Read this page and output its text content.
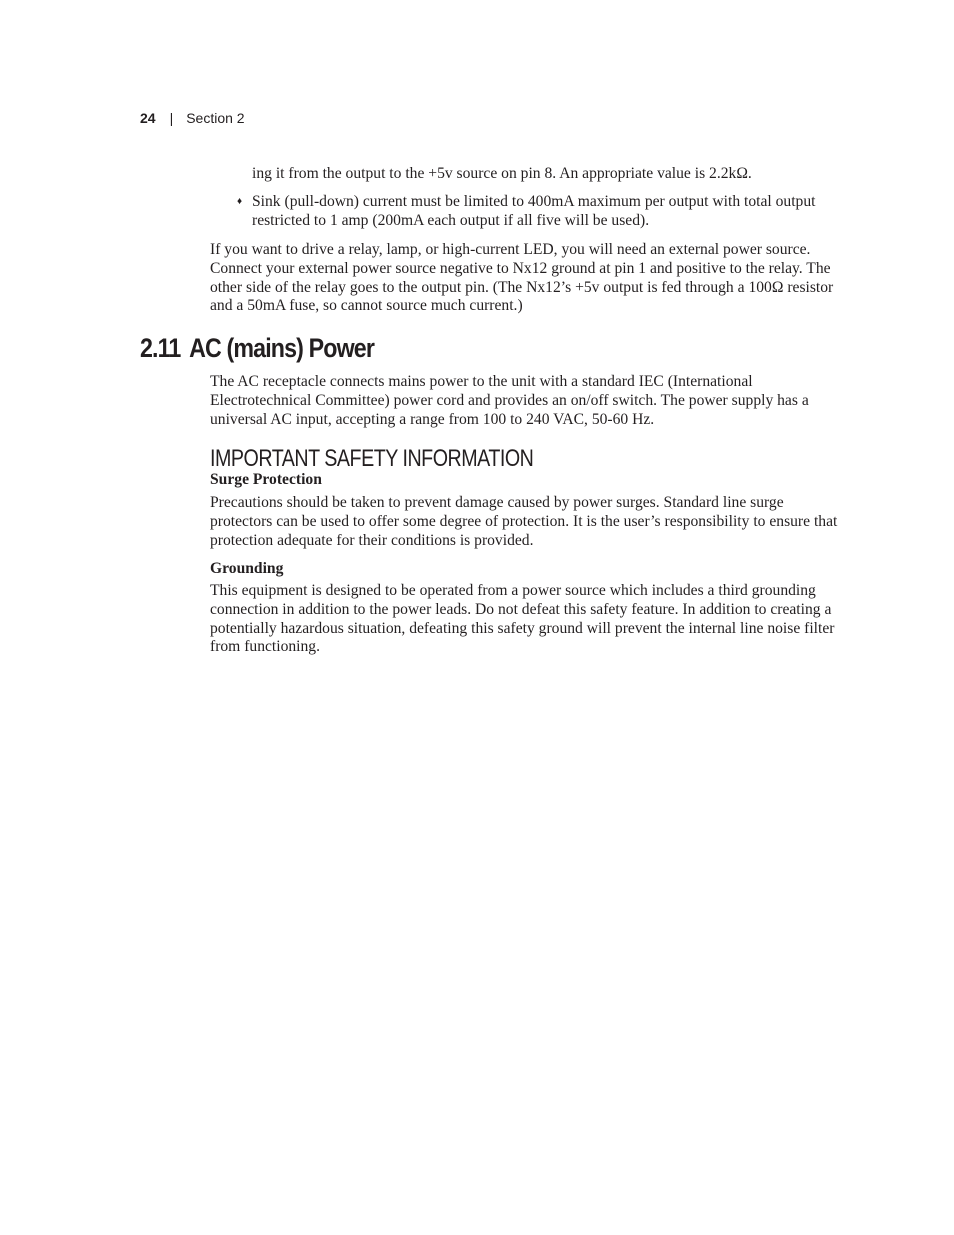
24 | Section 2

ing it from the output to the +5v source on pin 8. An appropriate value is 2.2kΩ.

♦ Sink (pull-down) current must be limited to 400mA maximum per output with total output restricted to 1 amp (200mA each output if all five will be used).

If you want to drive a relay, lamp, or high-current LED, you will need an external power source. Connect your external power source negative to Nx12 ground at pin 1 and positive to the relay. The other side of the relay goes to the output pin. (The Nx12’s +5v output is fed through a 100Ω resistor and a 50mA fuse, so cannot source much current.)

2.11 AC (mains) Power

The AC receptacle connects mains power to the unit with a standard IEC (International Electrotechnical Committee) power cord and provides an on/off switch. The power supply has a universal AC input, accepting a range from 100 to 240 VAC, 50-60 Hz.

IMPORTANT SAFETY INFORMATION

Surge Protection

Precautions should be taken to prevent damage caused by power surges. Standard line surge protectors can be used to offer some degree of protection. It is the user’s responsibility to ensure that protection adequate for their conditions is provided.

Grounding

This equipment is designed to be operated from a power source which includes a third grounding connection in addition to the power leads. Do not defeat this safety feature. In addition to creating a potentially hazardous situation, defeating this safety ground will prevent the internal line noise filter from functioning.
